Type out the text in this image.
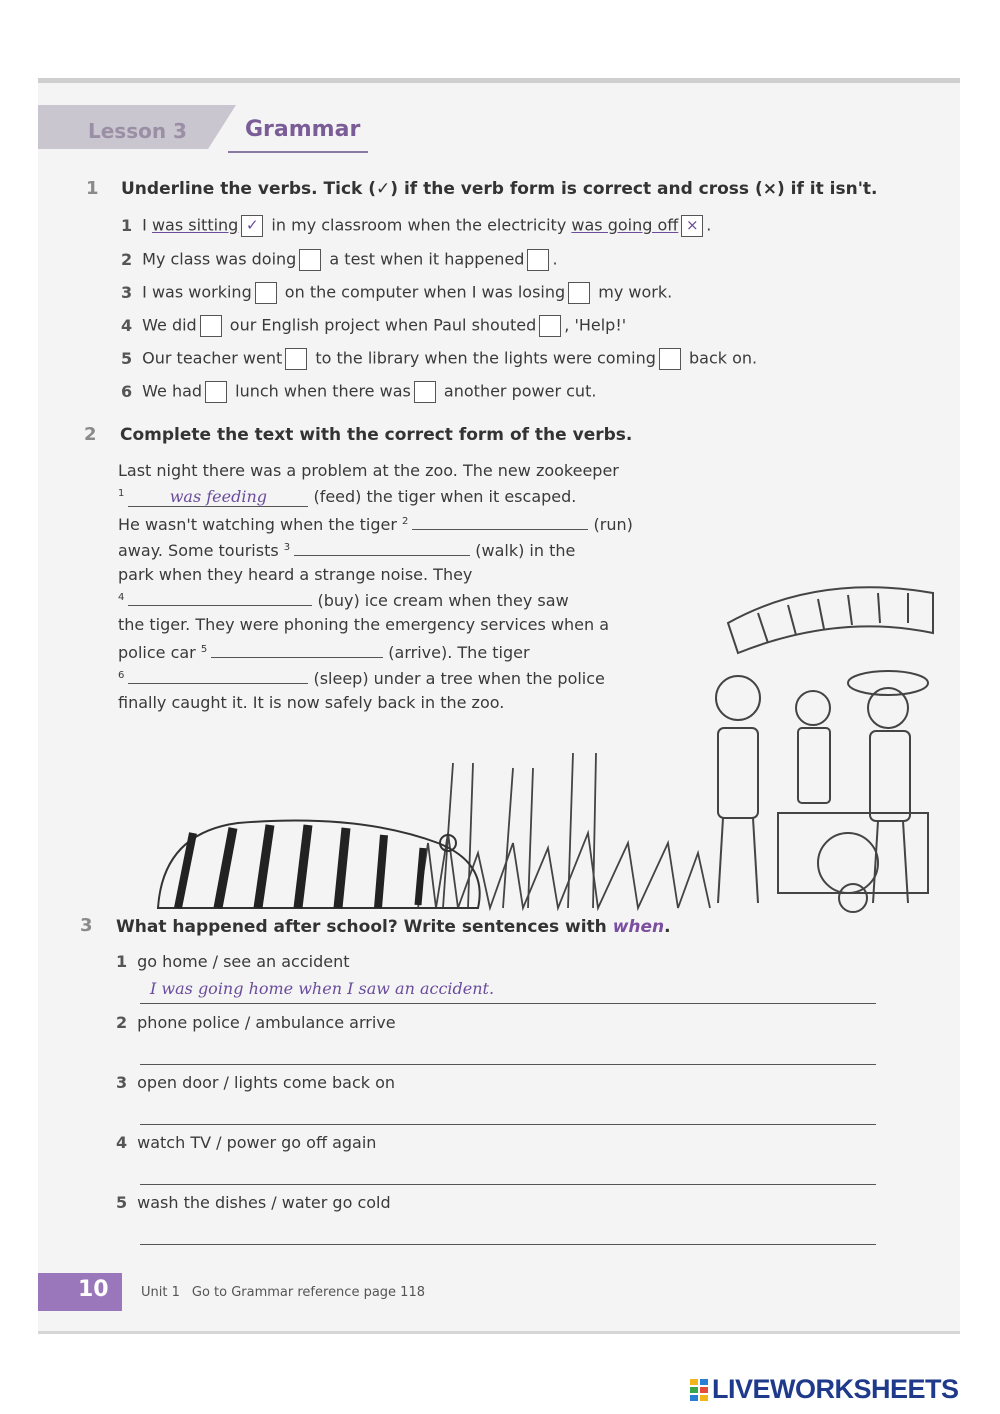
Lesson 3	Grammar
1 Underline the verbs. Tick (✓) if the verb form is correct and cross (×) if it isn't.
1 I was sitting ✓ in my classroom when the electricity was going off × .
2 My class was doing a test when it happened .
3 I was working on the computer when I was losing my work.
4 We did our English project when Paul shouted , 'Help!'
5 Our teacher went to the library when the lights were coming back on.
6 We had lunch when there was another power cut.
2 Complete the text with the correct form of the verbs.
Last night there was a problem at the zoo. The new zookeeper
$^1$	was feeding	(feed) the tiger when it escaped.
He wasn't watching when the tiger $^2$	(run)
away. Some tourists $^3$	(walk) in the
park when they heard a strange noise. They
$^4$	(buy) ice cream when they saw
the tiger. They were phoning the emergency services when a
police car $^5$	(arrive). The tiger
$^6$	(sleep) under a tree when the police
finally caught it. It is now safely back in the zoo.
3 What happened after school? Write sentences with when.
1 go home / see an accident
I was going home when I saw an accident.
2 phone police / ambulance arrive
3 open door / lights come back on
4 watch TV / power go off again
5 wash the dishes / water go cold
10 Unit 1 Go to Grammar reference page 118
LIVEWORKSHEETS
